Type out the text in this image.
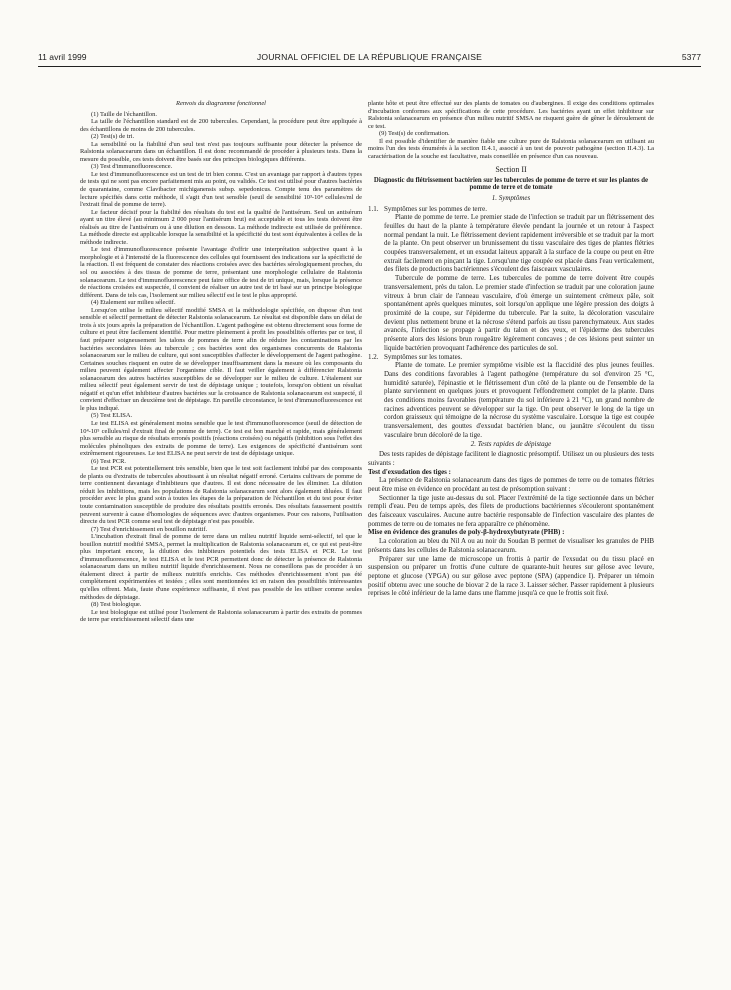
11 avril 1999	JOURNAL OFFICIEL DE LA RÉPUBLIQUE FRANÇAISE	5377

Renvois du diagramme fonctionnel

(1) Taille de l'échantillon.

La taille de l'échantillon standard est de 200 tubercules. Cependant, la procédure peut être appliquée à des échantillons de moins de 200 tubercules.

(2) Test(s) de tri.

La sensibilité ou la fiabilité d'un seul test n'est pas toujours suffisante pour détecter la présence de Ralstonia solanacearum dans un échantillon. Il est donc recommandé de procéder à plusieurs tests. Dans la mesure du possible, ces tests doivent être basés sur des principes biologiques différents.

(3) Test d'immunofluorescence.

Le test d'immunofluorescence est un test de tri bien connu. C'est un avantage par rapport à d'autres types de tests qui ne sont pas encore parfaitement mis au point, ou validés. Ce test est utilisé pour d'autres bactéries de quarantaine, comme Clavibacter michiganensis subsp. sepedonicus. Compte tenu des paramètres de lecture spécifiés dans cette méthode, il s'agit d'un test sensible (seuil de sensibilité 10³-10⁴ cellules/ml de l'extrait final de pomme de terre).

Le facteur décisif pour la fiabilité des résultats du test est la qualité de l'antisérum. Seul un antisérum ayant un titre élevé (au minimum 2 000 pour l'antisérum brut) est acceptable et tous les tests doivent être réalisés au titre de l'antisérum ou à une dilution en dessous. La méthode indirecte est utilisée de préférence. La méthode directe est applicable lorsque la sensibilité et la spécificité du test sont équivalentes à celles de la méthode indirecte.

Le test d'immunofluorescence présente l'avantage d'offrir une interprétation subjective quant à la morphologie et à l'intensité de la fluorescence des cellules qui fournissent des indications sur la spécificité de la réaction. Il est fréquent de constater des réactions croisées avec des bactéries sérologiquement proches, du sol ou associées à des tissus de pomme de terre, présentant une morphologie cellulaire de Ralstonia solanacearum. Le test d'immunofluorescence peut faire office de test de tri unique, mais, lorsque la présence de réactions croisées est suspectée, il convient de réaliser un autre test de tri basé sur un principe biologique différent. Dans de tels cas, l'isolement sur milieu sélectif est le test le plus approprié.

(4) Etalement sur milieu sélectif.

Lorsqu'on utilise le milieu sélectif modifié SMSA et la méthodologie spécifiée, on dispose d'un test sensible et sélectif permettant de détecter Ralstonia solanacearum. Le résultat est disponible dans un délai de trois à six jours après la préparation de l'échantillon. L'agent pathogène est obtenu directement sous forme de culture et peut être facilement identifié. Pour mettre pleinement à profit les possibilités offertes par ce test, il faut préparer soigneusement les talons de pommes de terre afin de réduire les contaminations par les bactéries secondaires liées au tubercule ; ces bactéries sont des organismes concurrents de Ralstonia solanacearum sur le milieu de culture, qui sont susceptibles d'affecter le développement de l'agent pathogène. Certaines souches risquent en outre de se développer insuffisamment dans la mesure où les composants du milieu peuvent également affecter l'organisme cible. Il faut veiller également à différencier Ralstonia solanacearum des autres bactéries susceptibles de se développer sur le milieu de culture. L'étalement sur milieu sélectif peut également servir de test de dépistage unique ; toutefois, lorsqu'on obtient un résultat négatif et qu'un effet inhibiteur d'autres bactéries sur la croissance de Ralstonia solanacearum est suspecté, il convient d'effectuer un deuxième test de dépistage. En pareille circonstance, le test d'immunofluorescence est le plus indiqué.

(5) Test ELISA.

Le test ELISA est généralement moins sensible que le test d'immunofluorescence (seuil de détection de 10⁴-10⁵ cellules/ml d'extrait final de pomme de terre). Ce test est bon marché et rapide, mais généralement plus sensible au risque de résultats erronés positifs (réactions croisées) ou négatifs (inhibition sous l'effet des molécules phénoliques des extraits de pomme de terre). Les exigences de spécificité d'antisérum sont extrêmement rigoureuses. Le test ELISA ne peut servir de test de dépistage unique.

(6) Test PCR.

Le test PCR est potentiellement très sensible, bien que le test soit facilement inhibé par des composants de plants ou d'extraits de tubercules aboutissant à un résultat négatif erroné. Certains cultivars de pomme de terre contiennent davantage d'inhibiteurs que d'autres. Il est donc nécessaire de les éliminer. La dilution réduit les inhibitions, mais les populations de Ralstonia solanacearum sont alors également diluées. Il faut procéder avec le plus grand soin à toutes les étapes de la préparation de l'échantillon et du test pour éviter toute contamination susceptible de produire des résultats positifs erronés. Des résultats faussement positifs peuvent survenir à cause d'homologies de séquences avec d'autres organismes. Pour ces raisons, l'utilisation directe du test PCR comme seul test de dépistage n'est pas possible.

(7) Test d'enrichissement en bouillon nutritif.

L'incubation d'extrait final de pomme de terre dans un milieu nutritif liquide semi-sélectif, tel que le bouillon nutritif modifié SMSA, permet la multiplication de Ralstonia solanacearum et, ce qui est peut-être plus important encore, la dilution des inhibiteurs potentiels des tests ELISA et PCR. Le test d'immunofluorescence, le test ELISA et le test PCR permettent donc de détecter la présence de Ralstonia solanacearum dans un milieu nutritif liquide d'enrichissement. Nous ne conseillons pas de procéder à un étalement direct à partir de milieux nutritifs enrichis. Ces méthodes d'enrichissement n'ont pas été complètement expérimentées et testées ; elles sont mentionnées ici en raison des possibilités intéressantes qu'elles offrent. Mais, faute d'une expérience suffisante, il n'est pas possible de les utiliser comme seules méthodes de dépistage.

(8) Test biologique.

Le test biologique est utilisé pour l'isolement de Ralstonia solanacearum à partir des extraits de pommes de terre par enrichissement sélectif dans une

plante hôte et peut être effectué sur des plants de tomates ou d'aubergines. Il exige des conditions optimales d'incubation conformes aux spécifications de cette procédure. Les bactéries ayant un effet inhibiteur sur Ralstonia solanacearum en présence d'un milieu nutritif SMSA ne risquent guère de gêner le déroulement de ce test.

(9) Test(s) de confirmation.

Il est possible d'identifier de manière fiable une culture pure de Ralstonia solanacearum en utilisant au moins l'un des tests énumérés à la section II.4.1, associé à un test de pouvoir pathogène (section II.4.3). La caractérisation de la souche est facultative, mais conseillée en présence d'un cas nouveau.

Section II

Diagnostic du flétrissement bactérien sur les tubercules de pomme de terre et sur les plantes de pomme de terre et de tomate

1. Symptômes

1.1. Symptômes sur les pommes de terre.

Plante de pomme de terre. Le premier stade de l'infection se traduit par un flétrissement des feuilles du haut de la plante à température élevée pendant la journée et un retour à l'aspect normal pendant la nuit. Le flétrissement devient rapidement irréversible et se traduit par la mort de la plante. On peut observer un brunissement du tissu vasculaire des tiges de plantes flétries coupées transversalement, et un exsudat laiteux apparaît à la surface de la coupe ou peut en être extrait facilement en pinçant la tige. Lorsqu'une tige coupée est placée dans l'eau verticalement, des filets de productions bactériennes s'écoulent des faisceaux vasculaires.

Tubercule de pomme de terre. Les tubercules de pomme de terre doivent être coupés transversalement, près du talon. Le premier stade d'infection se traduit par une coloration jaune vitreux à brun clair de l'anneau vasculaire, d'où émerge un suintement crémeux pâle, soit spontanément après quelques minutes, soit lorsqu'on applique une légère pression des doigts à proximité de la coupe, sur l'épiderme du tubercule. Par la suite, la décoloration vasculaire devient plus nettement brune et la nécrose s'étend parfois au tissu parenchymateux. Aux stades avancés, l'infection se propage à partir du talon et des yeux, et l'épiderme des tubercules présente alors des lésions brun rougeâtre légèrement concaves ; de ces lésions peut suinter un liquide bactérien provoquant l'adhérence des particules de sol.

1.2. Symptômes sur les tomates.

Plante de tomate. Le premier symptôme visible est la flaccidité des plus jeunes feuilles. Dans des conditions favorables à l'agent pathogène (température du sol d'environ 25 °C, humidité saturée), l'épinastie et le flétrissement d'un côté de la plante ou de l'ensemble de la plante surviennent en quelques jours et provoquent l'effondrement complet de la plante. Dans des conditions moins favorables (température du sol inférieure à 21 °C), un grand nombre de racines adventices peuvent se développer sur la tige. On peut observer le long de la tige un cordon graisseux qui témoigne de la nécrose du système vasculaire. Lorsque la tige est coupée transversalement, des gouttes d'exsudat bactérien blanc, ou jaunâtre s'écoulent du tissu vasculaire brun décoloré de la tige.

2. Tests rapides de dépistage

Des tests rapides de dépistage facilitent le diagnostic présomptif. Utilisez un ou plusieurs des tests suivants :

Test d'exsudation des tiges :

La présence de Ralstonia solanacearum dans des tiges de pommes de terre ou de tomates flétries peut être mise en évidence en procédant au test de présomption suivant :

Sectionner la tige juste au-dessus du sol. Placer l'extrémité de la tige sectionnée dans un bécher rempli d'eau. Peu de temps après, des filets de productions bactériennes s'écouleront spontanément des faisceaux vasculaires. Aucune autre bactérie responsable de l'infection vasculaire des plantes de pommes de terre ou de tomates ne fera apparaître ce phénomène.

Mise en évidence des granules de poly-β-hydroxybutyrate (PHB) :

La coloration au bleu du Nil A ou au noir du Soudan B permet de visualiser les granules de PHB présents dans les cellules de Ralstonia solanacearum.

Préparer sur une lame de microscope un frottis à partir de l'exsudat ou du tissu placé en suspension ou préparer un frottis d'une culture de quarante-huit heures sur gélose avec levure, peptone et glucose (YPGA) ou sur gélose avec peptone (SPA) (appendice I). Préparer un témoin positif obtenu avec une souche de biovar 2 de la race 3. Laisser sécher. Passer rapidement à plusieurs reprises le côté inférieur de la lame dans une flamme jusqu'à ce que le frottis soit fixé.
